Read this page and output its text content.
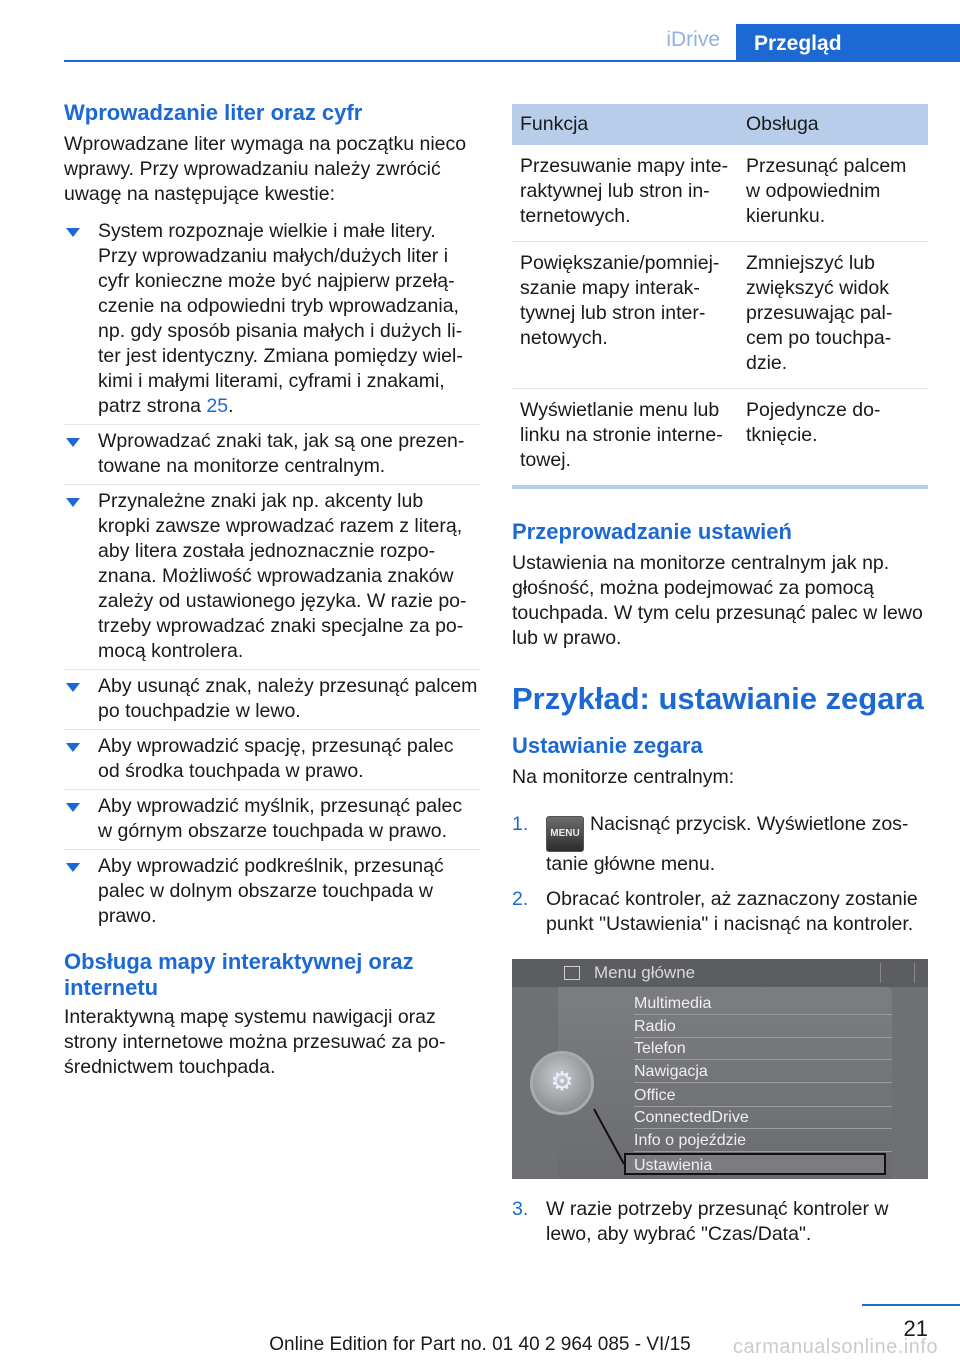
iDrive	Przegląd
Wprowadzanie liter oraz cyfr

Wprowadzane liter wymaga na początku nieco wprawy. Przy wprowadzaniu należy zwrócić uwagę na następujące kwestie:

System rozpoznaje wielkie i małe litery. Przy wprowadzaniu małych/dużych liter i cyfr konieczne może być najpierw przełą- czenie na odpowiedni tryb wprowadzania, np. gdy sposób pisania małych i dużych li- ter jest identyczny. Zmiana pomiędzy wiel- kimi i małymi literami, cyframi i znakami, patrz strona 25.
Wprowadzać znaki tak, jak są one prezen- towane na monitorze centralnym.
Przynależne znaki jak np. akcenty lub kropki zawsze wprowadzać razem z literą, aby litera została jednoznacznie rozpo- znana. Możliwość wprowadzania znaków zależy od ustawionego języka. W razie po- trzeby wprowadzać znaki specjalne za po- mocą kontrolera.
Aby usunąć znak, należy przesunąć palcem po touchpadzie w lewo.
Aby wprowadzić spację, przesunąć palec od środka touchpada w prawo.
Aby wprowadzić myślnik, przesunąć palec w górnym obszarze touchpada w prawo.
Aby wprowadzić podkreślnik, przesunąć palec w dolnym obszarze touchpada w prawo.
Obsługa mapy interaktywnej oraz internetu

Interaktywną mapę systemu nawigacji oraz strony internetowe można przesuwać za po- średnictwem touchpada.

Funkcja	Obsługa
Przesuwanie mapy inte- raktywnej lub stron in- ternetowych.	Przesunąć palcem w odpowiednim kierunku.
Powiększanie/pomniej- szanie mapy interak- tywnej lub stron inter- netowych.	Zmniejszyć lub zwiększyć widok przesuwając pal- cem po touchpa- dzie.
Wyświetlanie menu lub linku na stronie interne- towej.	Pojedyncze do- tknięcie.
Przeprowadzanie ustawień

Ustawienia na monitorze centralnym jak np. głośność, można podejmować za pomocą touchpada. W tym celu przesunąć palec w lewo lub w prawo.

Przykład: ustawianie zegara
Ustawianie zegara

Na monitorze centralnym:

1. MENU Nacisnąć przycisk. Wyświetlone zos- tanie główne menu.
2. Obracać kontroler, aż zaznaczony zostanie punkt "Ustawienia" i nacisnąć na kontroler.
Menu główne
Multimedia
Radio
Telefon
Nawigacja
Office
ConnectedDrive
Info o pojeździe
Ustawienia
⚙
3. W razie potrzeby przesunąć kontroler w lewo, aby wybrać "Czas/Data".
21
Online Edition for Part no. 01 40 2 964 085 - VI/15	carmanualsonline.info
